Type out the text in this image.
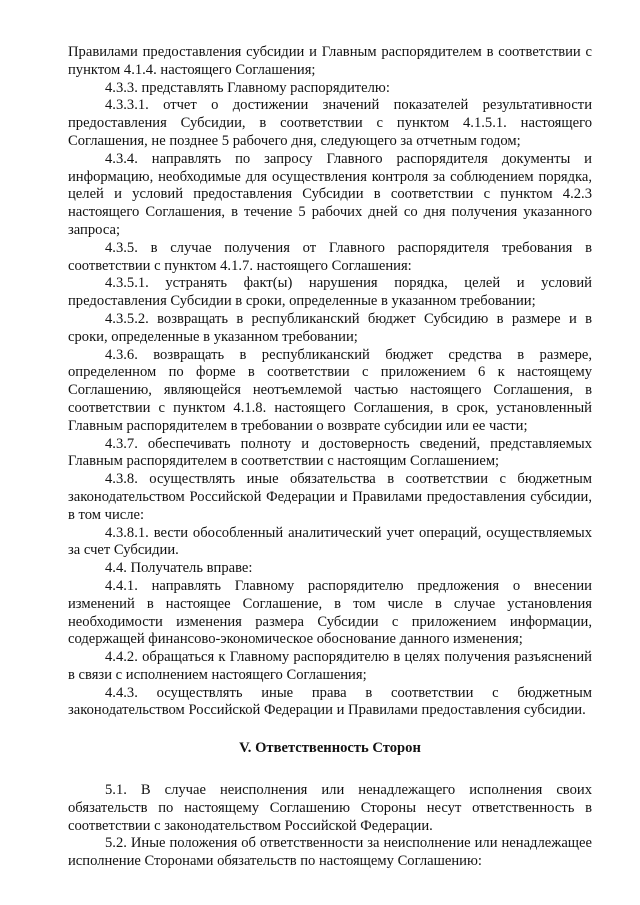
Правилами предоставления субсидии и Главным распорядителем в соответствии с пунктом 4.1.4. настоящего Соглашения;

4.3.3. представлять Главному распорядителю:

4.3.3.1. отчет о достижении значений показателей результативности предоставления Субсидии, в соответствии с пунктом 4.1.5.1. настоящего Соглашения, не позднее 5 рабочего дня, следующего за отчетным годом;

4.3.4. направлять по запросу Главного распорядителя документы и информацию, необходимые для осуществления контроля за соблюдением порядка, целей и условий предоставления Субсидии в соответствии с пунктом 4.2.3 настоящего Соглашения, в течение 5 рабочих дней со дня получения указанного запроса;

4.3.5. в случае получения от Главного распорядителя требования в соответствии с пунктом 4.1.7. настоящего Соглашения:

4.3.5.1. устранять факт(ы) нарушения порядка, целей и условий предоставления Субсидии в сроки, определенные в указанном требовании;

4.3.5.2. возвращать в республиканский бюджет Субсидию в размере и в сроки, определенные в указанном требовании;

4.3.6. возвращать в республиканский бюджет средства в размере, определенном по форме в соответствии с приложением 6 к настоящему Соглашению, являющейся неотъемлемой частью настоящего Соглашения, в соответствии с пунктом 4.1.8. настоящего Соглашения, в срок, установленный Главным распорядителем в требовании о возврате субсидии или ее части;

4.3.7. обеспечивать полноту и достоверность сведений, представляемых Главным распорядителем в соответствии с настоящим Соглашением;

4.3.8. осуществлять иные обязательства в соответствии с бюджетным законодательством Российской Федерации и Правилами предоставления субсидии, в том числе:

4.3.8.1. вести обособленный аналитический учет операций, осуществляемых за счет Субсидии.

4.4. Получатель вправе:

4.4.1. направлять Главному распорядителю предложения о внесении изменений в настоящее Соглашение, в том числе в случае установления необходимости изменения размера Субсидии с приложением информации, содержащей финансово-экономическое обоснование данного изменения;

4.4.2. обращаться к Главному распорядителю в целях получения разъяснений в связи с исполнением настоящего Соглашения;

4.4.3. осуществлять иные права в соответствии с бюджетным законодательством Российской Федерации и Правилами предоставления субсидии.

V. Ответственность Сторон

5.1. В случае неисполнения или ненадлежащего исполнения своих обязательств по настоящему Соглашению Стороны несут ответственность в соответствии с законодательством Российской Федерации.

5.2. Иные положения об ответственности за неисполнение или ненадлежащее исполнение Сторонами обязательств по настоящему Соглашению:
